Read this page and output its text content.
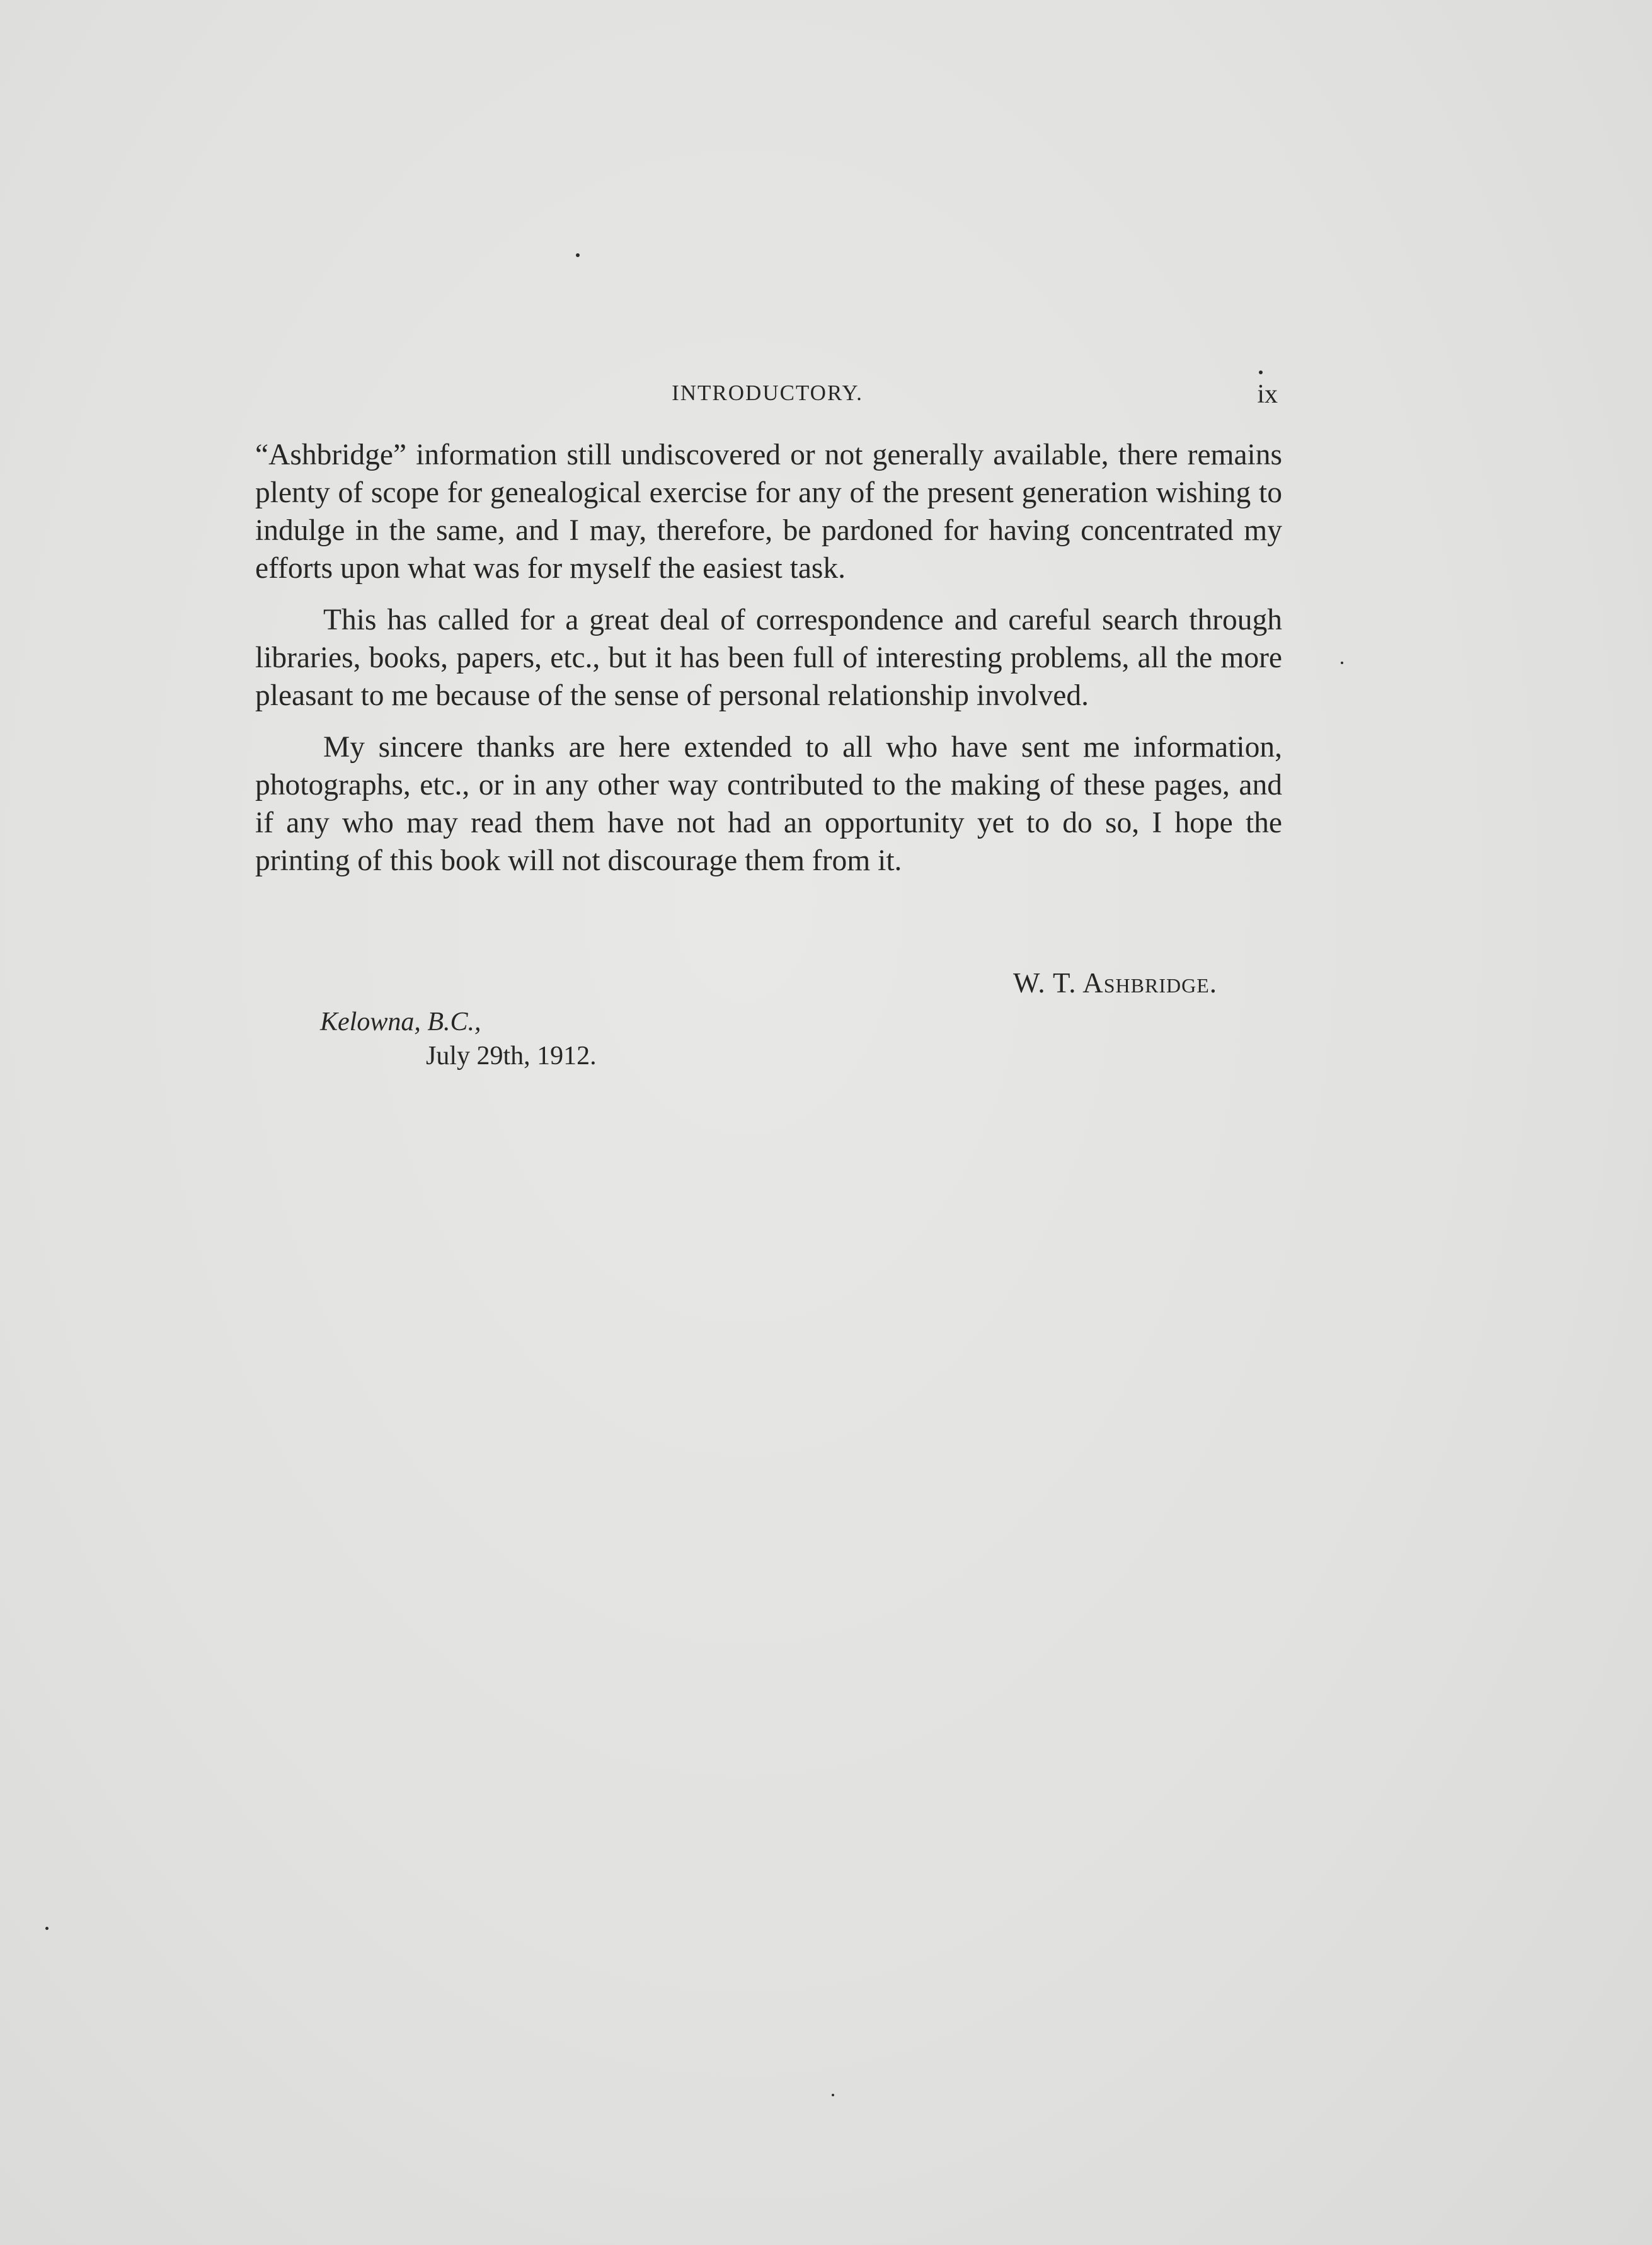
INTRODUCTORY.	ix

“Ashbridge” information still undiscovered or not generally available, there remains plenty of scope for genealogical exercise for any of the present generation wishing to indulge in the same, and I may, therefore, be pardoned for having concentrated my efforts upon what was for myself the easiest task.

This has called for a great deal of correspondence and careful search through libraries, books, papers, etc., but it has been full of interesting problems, all the more pleasant to me because of the sense of personal relationship involved.

My sincere thanks are here extended to all who have sent me information, photographs, etc., or in any other way contributed to the making of these pages, and if any who may read them have not had an opportunity yet to do so, I hope the printing of this book will not discourage them from it.

W. T. Ashbridge.
Kelowna, B.C.,
July 29th, 1912.
